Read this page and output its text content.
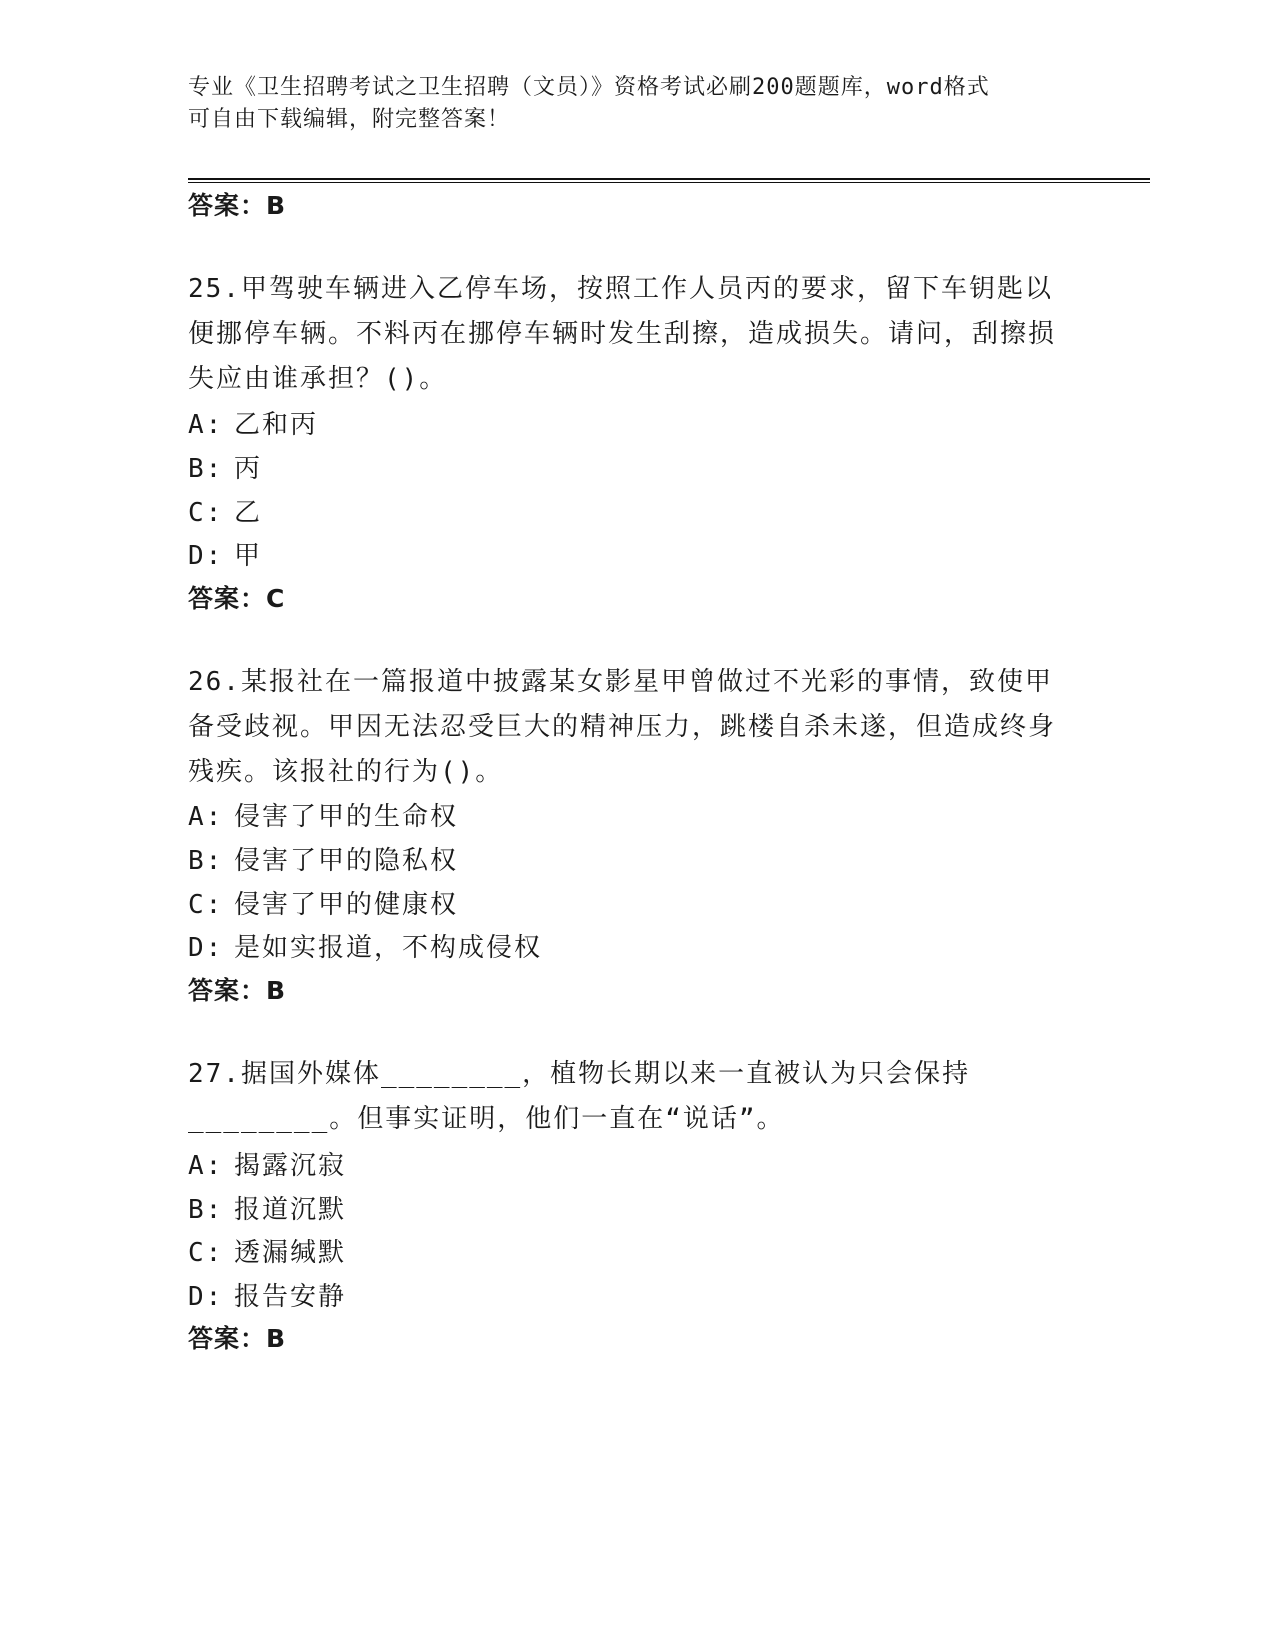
专业《卫生招聘考试之卫生招聘（文员）》资格考试必刷200题题库，word格式
可自由下载编辑，附完整答案！
答案：B
25.甲驾驶车辆进入乙停车场，按照工作人员丙的要求，留下车钥匙以便挪停车辆。不料丙在挪停车辆时发生刮擦，造成损失。请问，刮擦损失应由谁承担？()。
A: 乙和丙
B: 丙
C: 乙
D: 甲
答案：C
26.某报社在一篇报道中披露某女影星甲曾做过不光彩的事情，致使甲备受歧视。甲因无法忍受巨大的精神压力，跳楼自杀未遂，但造成终身残疾。该报社的行为()。
A: 侵害了甲的生命权
B: 侵害了甲的隐私权
C: 侵害了甲的健康权
D: 是如实报道，不构成侵权
答案：B
27.据国外媒体________，植物长期以来一直被认为只会保持________。但事实证明，他们一直在“说话”。
A: 揭露沉寂
B: 报道沉默
C: 透漏缄默
D: 报告安静
答案：B
